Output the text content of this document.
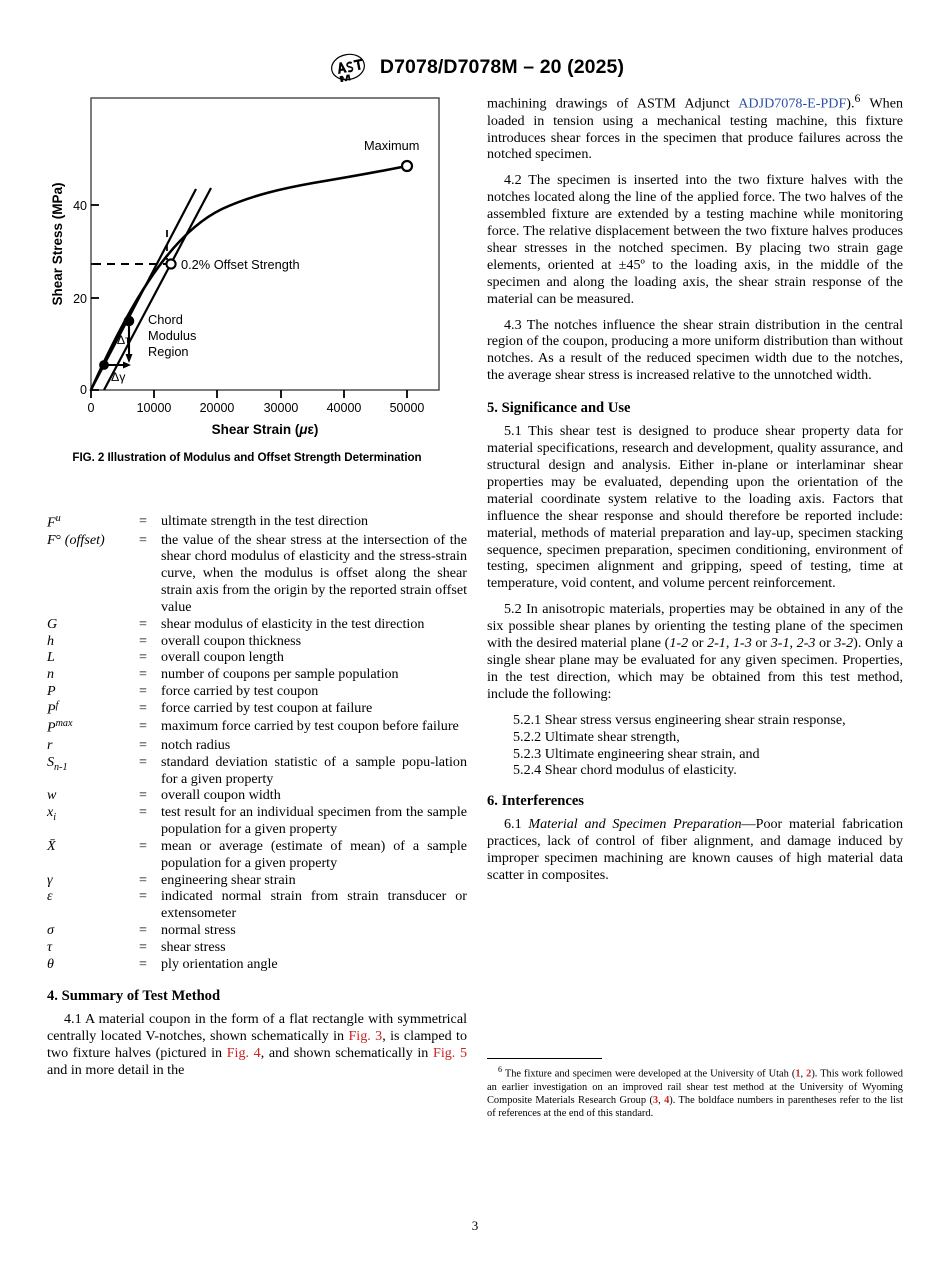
D7078/D7078M – 20 (2025)
0
20
40
0	10000 20000 30000 40000 50000
Shear Stress (MPa)
Shear Strain (με)
Maximum
0.2% Offset Strength
Chord
Modulus
Region
Δτ
Δγ
FIG. 2 Illustration of Modulus and Offset Strength Determination
$F^u$	=	ultimate strength in the test direction
F° (offset)	=	the value of the shear stress at the intersection of the shear chord modulus of elasticity and the stress-strain curve, when the modulus is offset along the shear strain axis from the origin by the reported strain offset value
G	=	shear modulus of elasticity in the test direction
h	=	overall coupon thickness
L	=	overall coupon length
n	=	number of coupons per sample population
P	=	force carried by test coupon
$P^f$	=	force carried by test coupon at failure
$P^{max}$	=	maximum force carried by test coupon before failure
r	=	notch radius
$S_{n-1}$	=	standard deviation statistic of a sample popu-lation for a given property
w	=	overall coupon width
$x_i$	=	test result for an individual specimen from the sample population for a given property
X̄	=	mean or average (estimate of mean) of a sample population for a given property
γ	=	engineering shear strain
ε	=	indicated normal strain from strain transducer or extensometer
σ	=	normal stress
τ	=	shear stress
θ	=	ply orientation angle
4. Summary of Test Method

4.1 A material coupon in the form of a flat rectangle with symmetrical centrally located V-notches, shown schematically in Fig. 3, is clamped to two fixture halves (pictured in Fig. 4, and shown schematically in Fig. 5 and in more detail in the

machining drawings of ASTM Adjunct ADJD7078-E-PDF).$^6$ When loaded in tension using a mechanical testing machine, this fixture introduces shear forces in the specimen that produce failures across the notched specimen.

4.2 The specimen is inserted into the two fixture halves with the notches located along the line of the applied force. The two halves of the assembled fixture are extended by a testing machine while monitoring force. The relative displacement between the two fixture halves produces shear stresses in the notched specimen. By placing two strain gage elements, oriented at ±45º to the loading axis, in the middle of the specimen and along the loading axis, the shear strain response of the material can be measured.

4.3 The notches influence the shear strain distribution in the central region of the coupon, producing a more uniform distribution than without notches. As a result of the reduced specimen width due to the notches, the average shear stress is increased relative to the unnotched width.

5. Significance and Use

5.1 This shear test is designed to produce shear property data for material specifications, research and development, quality assurance, and structural design and analysis. Either in-plane or interlaminar shear properties may be evaluated, depending upon the orientation of the material coordinate system relative to the loading axis. Factors that influence the shear response and should therefore be reported include: material, methods of material preparation and lay-up, specimen stacking sequence, specimen preparation, specimen conditioning, environment of testing, specimen alignment and gripping, speed of testing, time at temperature, void content, and volume percent reinforcement.

5.2 In anisotropic materials, properties may be obtained in any of the six possible shear planes by orienting the testing plane of the specimen with the desired material plane (1-2 or 2-1, 1-3 or 3-1, 2-3 or 3-2). Only a single shear plane may be evaluated for any given specimen. Properties, in the test direction, which may be obtained from this test method, include the following:

5.2.1 Shear stress versus engineering shear strain response,

5.2.2 Ultimate shear strength,

5.2.3 Ultimate engineering shear strain, and

5.2.4 Shear chord modulus of elasticity.

6. Interferences

6.1 Material and Specimen Preparation—Poor material fabrication practices, lack of control of fiber alignment, and damage induced by improper specimen machining are known causes of high material data scatter in composites.

$^6$ The fixture and specimen were developed at the University of Utah (1, 2). This work followed an earlier investigation on an improved rail shear test method at the University of Wyoming Composite Materials Research Group (3, 4). The boldface numbers in parentheses refer to the list of references at the end of this standard.

3
